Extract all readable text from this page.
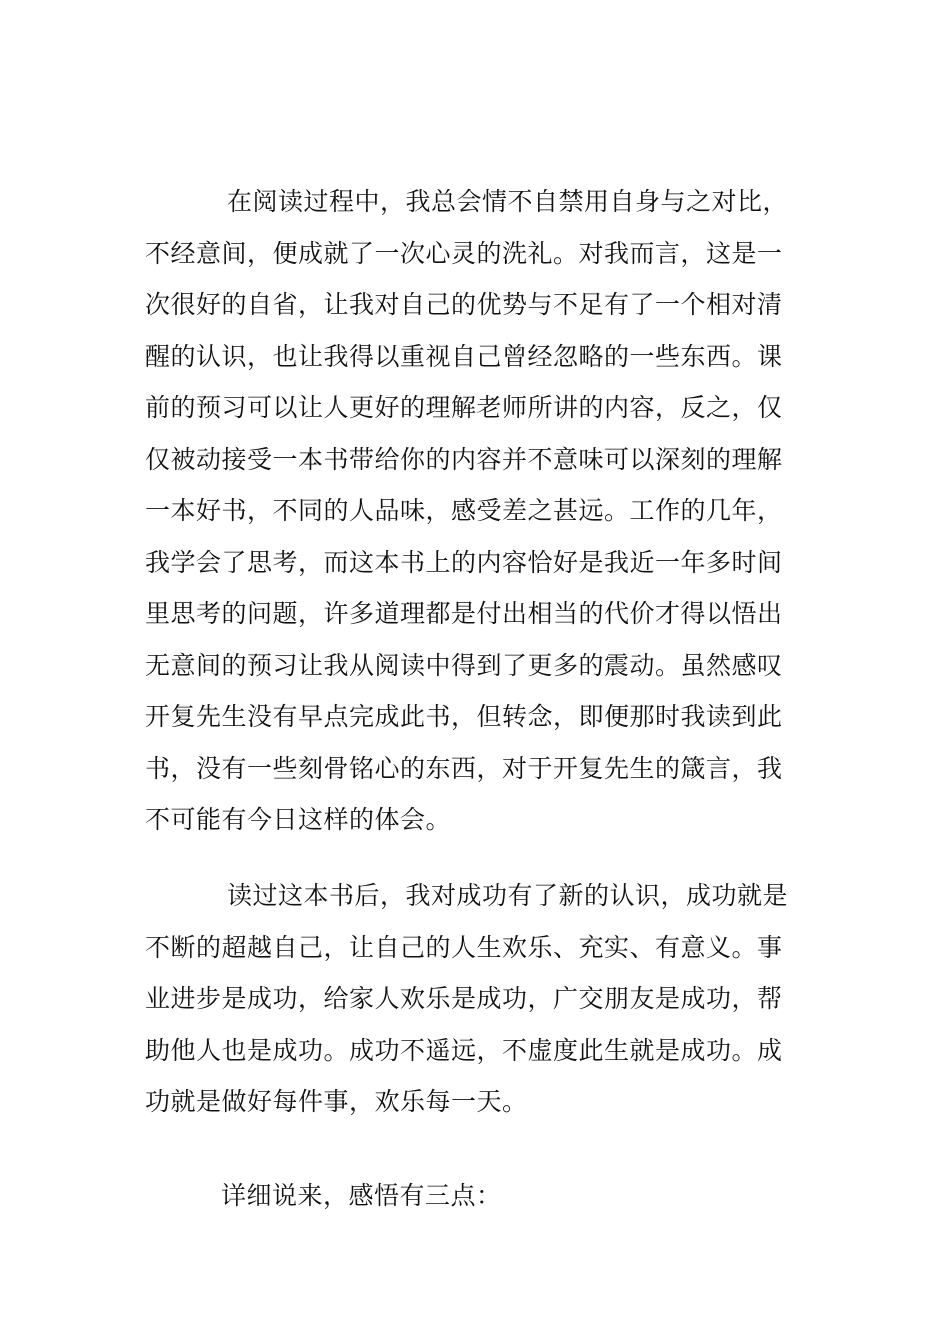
在阅读过程中，我总会情不自禁用自身与之对比，
不经意间，便成就了一次心灵的洗礼。对我而言，这是一
次很好的自省，让我对自己的优势与不足有了一个相对清
醒的认识，也让我得以重视自己曾经忽略的一些东西。课
前的预习可以让人更好的理解老师所讲的内容，反之，仅
仅被动接受一本书带给你的内容并不意味可以深刻的理解
一本好书，不同的人品味，感受差之甚远。工作的几年，
我学会了思考，而这本书上的内容恰好是我近一年多时间
里思考的问题，许多道理都是付出相当的代价才得以悟出
无意间的预习让我从阅读中得到了更多的震动。虽然感叹
开复先生没有早点完成此书，但转念，即便那时我读到此
书，没有一些刻骨铭心的东西，对于开复先生的箴言，我
不可能有今日这样的体会。
读过这本书后，我对成功有了新的认识，成功就是
不断的超越自己，让自己的人生欢乐、充实、有意义。事
业进步是成功，给家人欢乐是成功，广交朋友是成功，帮
助他人也是成功。成功不遥远，不虚度此生就是成功。成
功就是做好每件事，欢乐每一天。
详细说来，感悟有三点：
